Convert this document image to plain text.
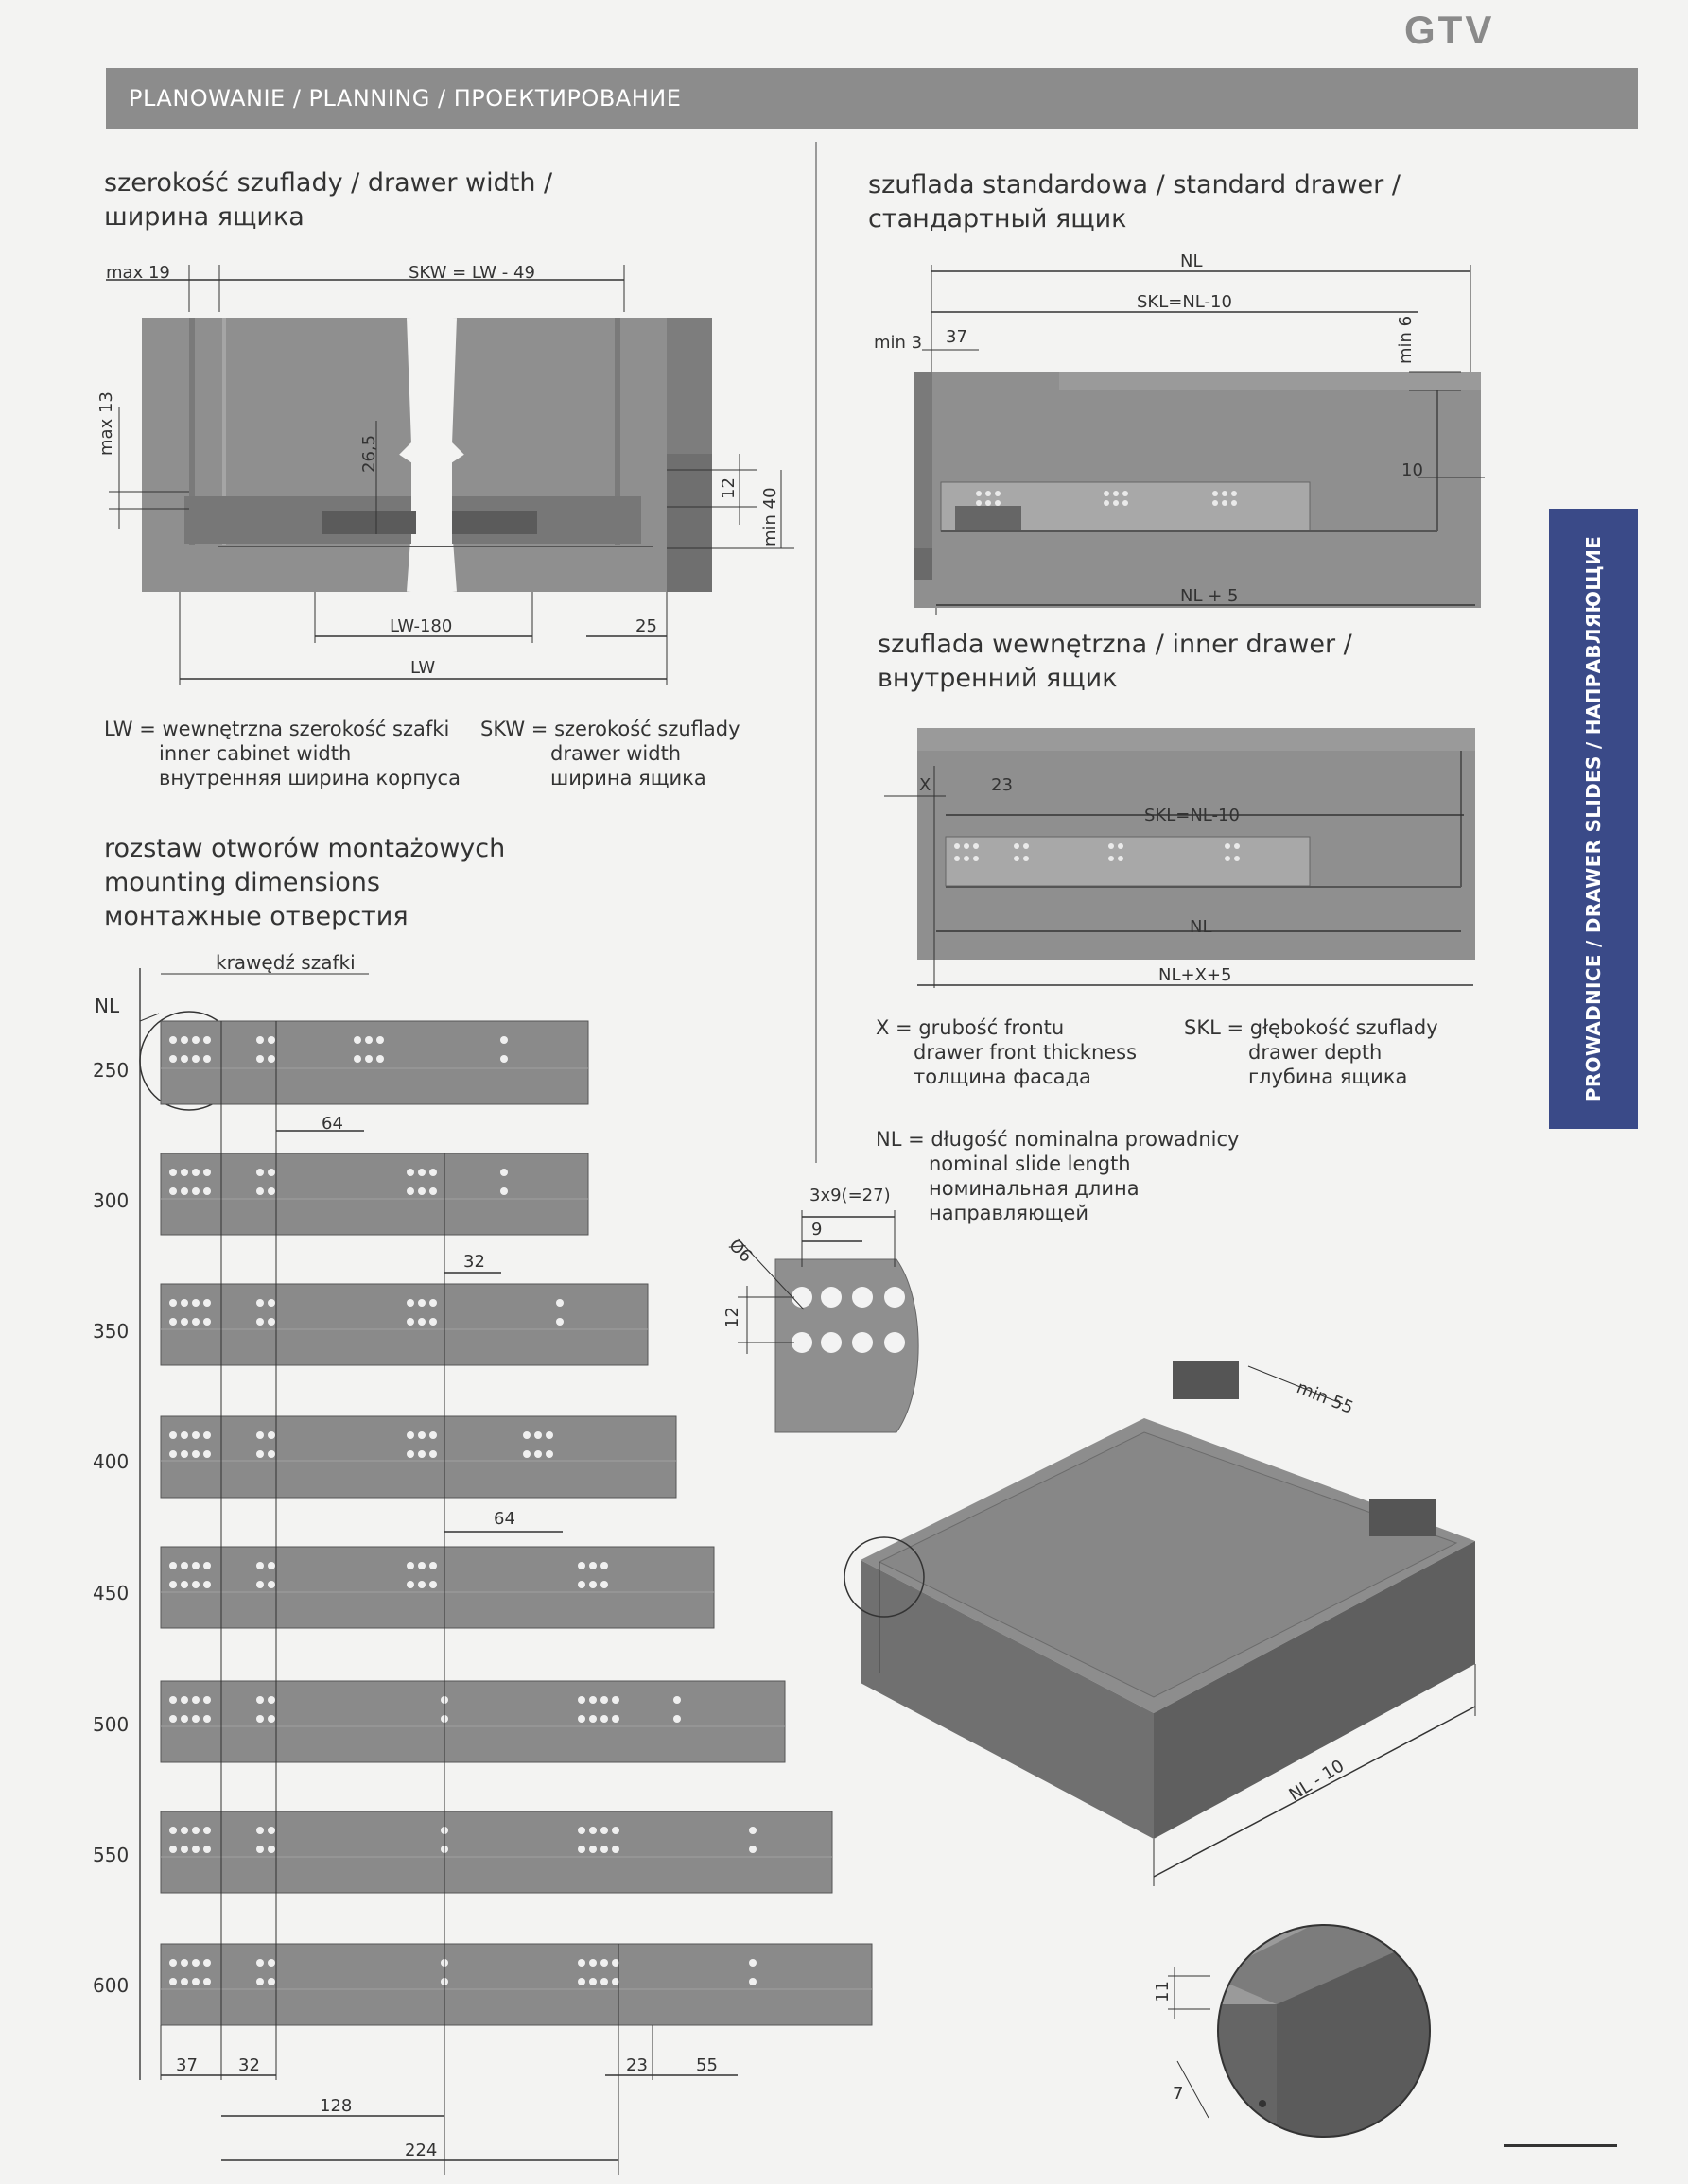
GTV
PLANOWANIE / PLANNING / ПРОЕКТИРОВАНИЕ
PROWADNICE / DRAWER SLIDES / НАПРАВЛЯЮЩИЕ
szerokość szuflady / drawer width /
ширина ящика
max 19	SKW = LW - 49
max 13	26,5
12 min 40
LW-180	25
LW
LW = wewnętrzna szerokość szafki
inner cabinet width
внутренняя ширина корпуса
SKW = szerokość szuflady
drawer width
ширина ящика
szuflada standardowa / standard drawer /
стандартный ящик
NL
SKL=NL-10
min 3 37	min 6
10
NL + 5
szuflada wewnętrzna / inner drawer /
внутренний ящик
X	23
SKL=NL-10
NL
NL+X+5
X = grubość frontu
drawer front thickness
толщина фасада
SKL = głębokość szuflady
drawer depth
глубина ящика
NL = długość nominalna prowadnicy
nominal slide length
номинальная длина
направляющей
rozstaw otworów montażowych
mounting dimensions
монтажные отверстия
krawędź szafki
NL
250
300
350
400
450
500
550
600
64
32
64
37 32	23	55
128
224
3x9(=27)
9
12
Ø6
min 55
NL - 10
11
7
